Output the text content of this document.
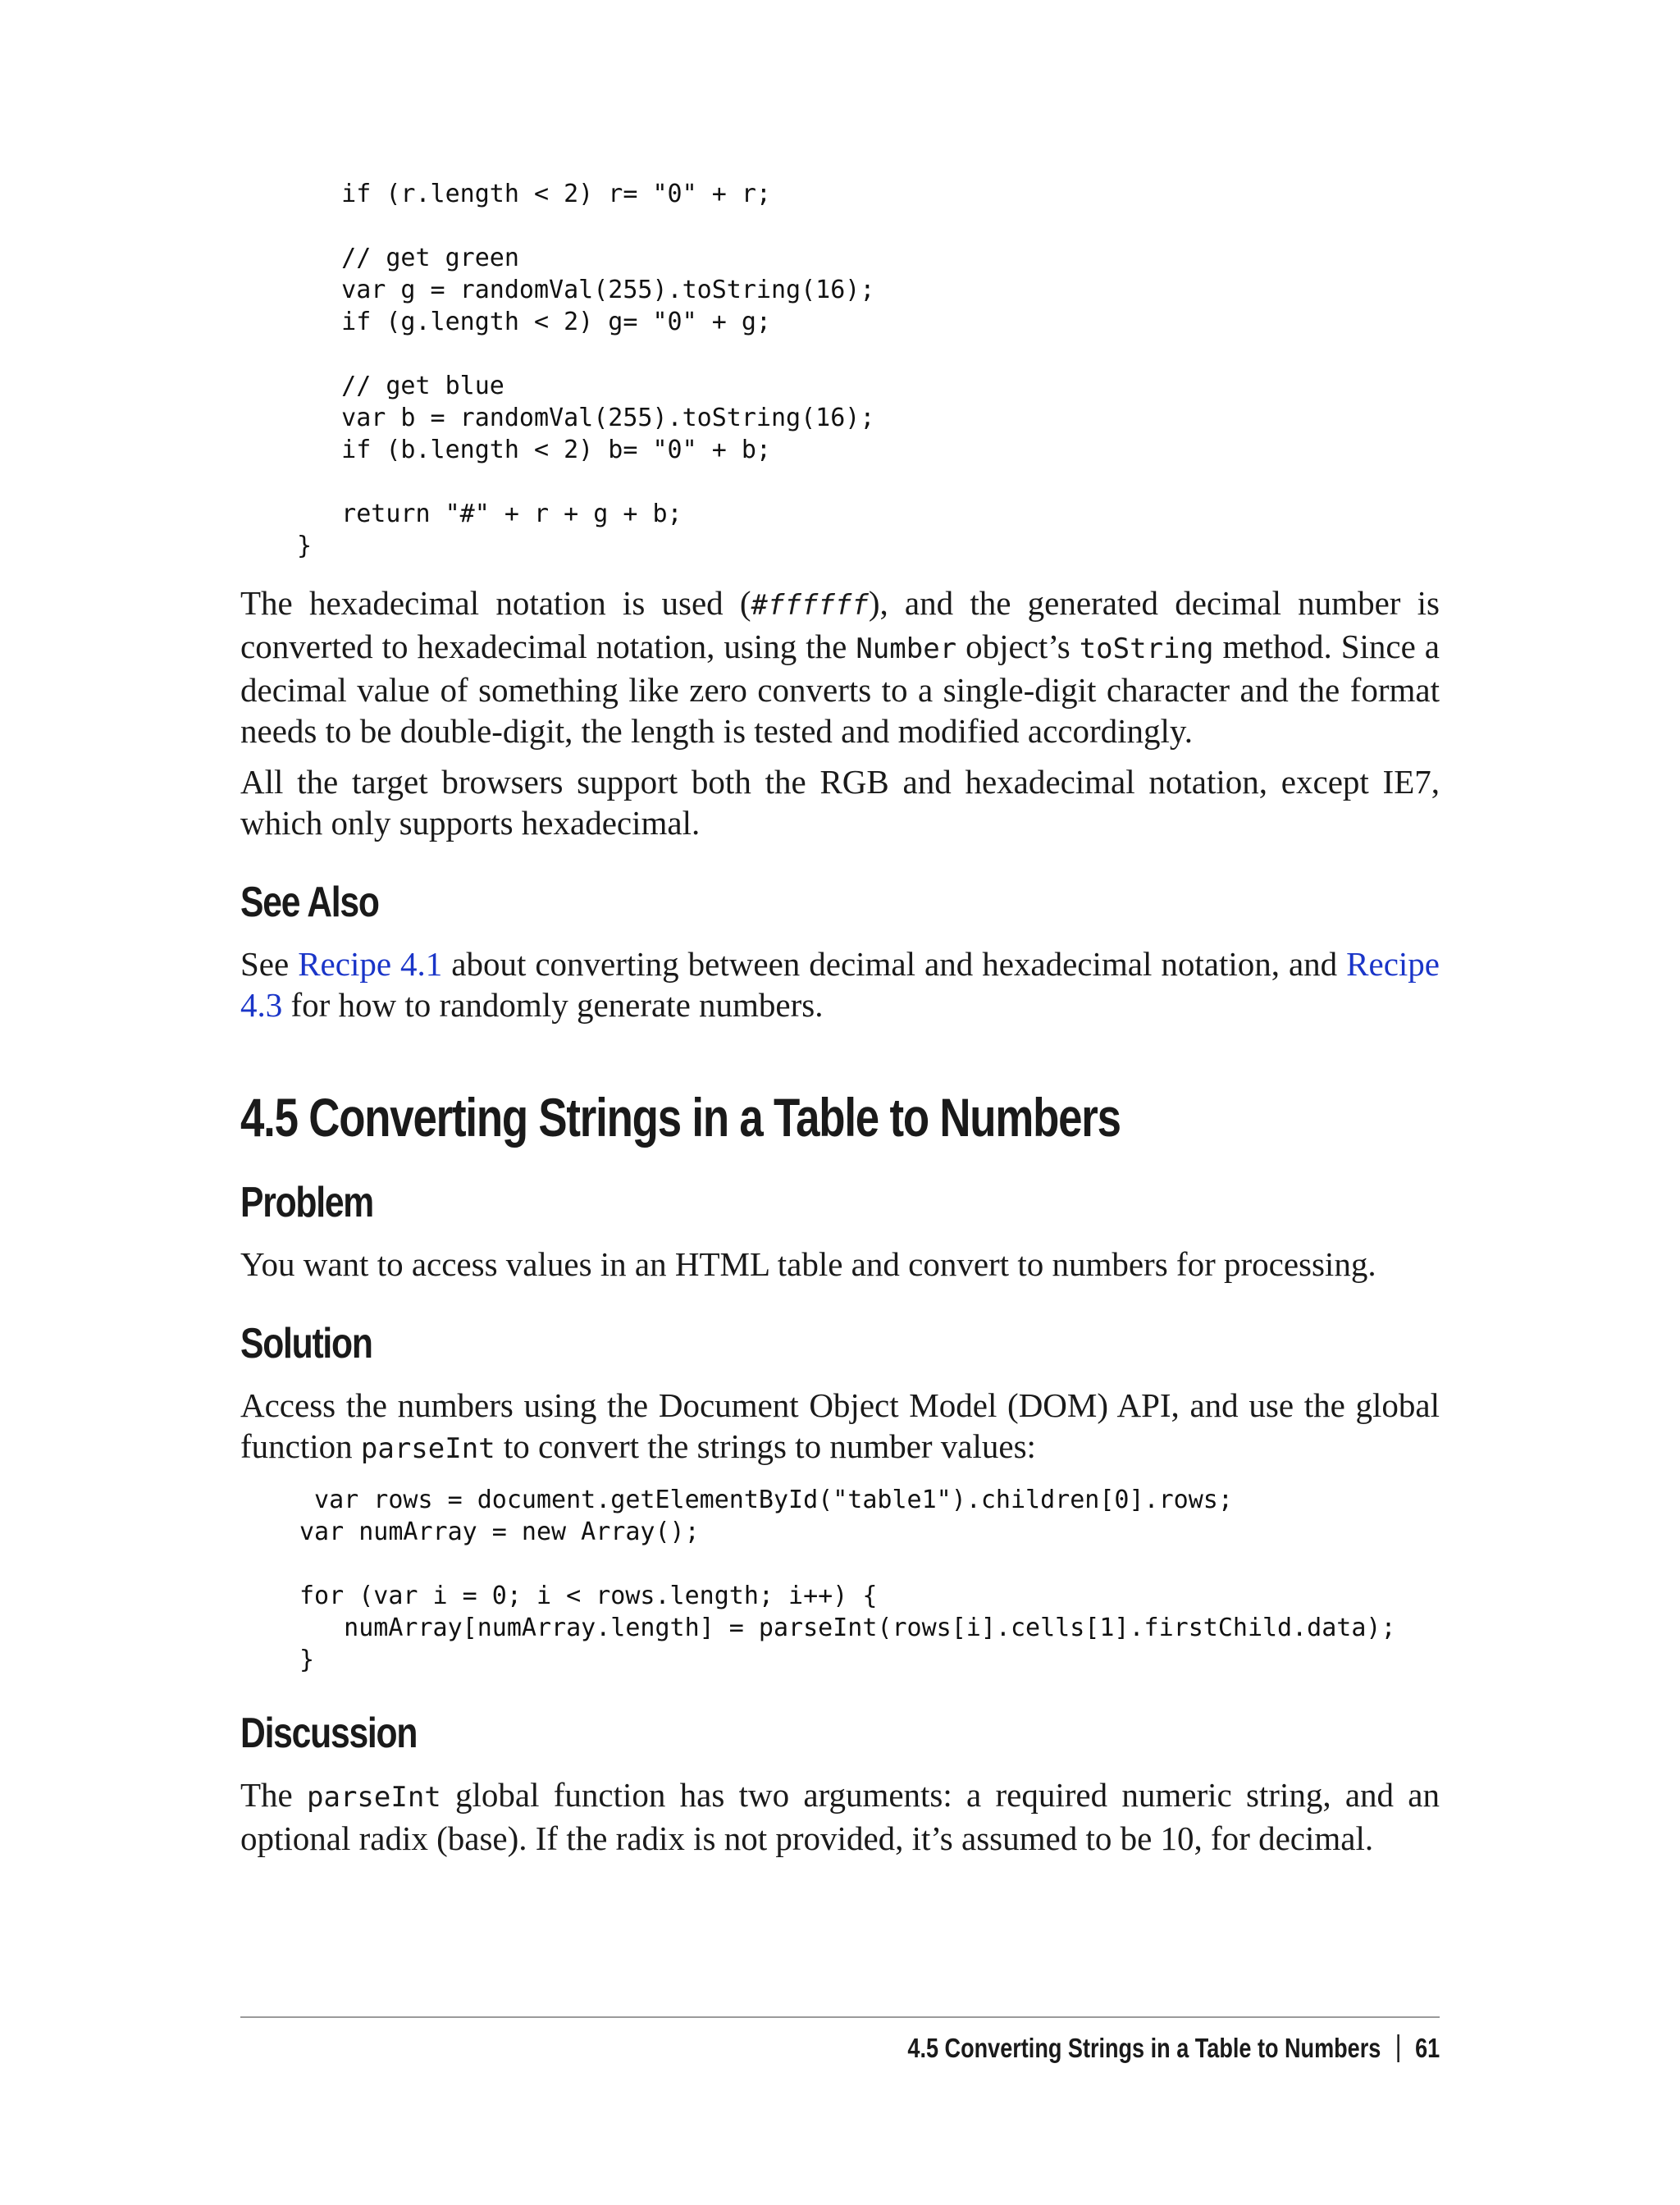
if (r.length < 2) r= "0" + r;

// get green
var g = randomVal(255).toString(16);
if (g.length < 2) g= "0" + g;

// get blue
var b = randomVal(255).toString(16);
if (b.length < 2) b= "0" + b;

return "#" + r + g + b;
}

The hexadecimal notation is used (#ffffff), and the generated decimal number is converted to hexadecimal notation, using the Number object’s toString method. Since a decimal value of something like zero converts to a single-digit character and the format needs to be double-digit, the length is tested and modified accordingly.

All the target browsers support both the RGB and hexadecimal notation, except IE7, which only supports hexadecimal.

See Also

See Recipe 4.1 about converting between decimal and hexadecimal notation, and Recipe 4.3 for how to randomly generate numbers.

4.5 Converting Strings in a Table to Numbers
Problem

You want to access values in an HTML table and convert to numbers for processing.

Solution

Access the numbers using the Document Object Model (DOM) API, and use the global function parseInt to convert the strings to number values:

var rows = document.getElementById("table1").children[0].rows;
var numArray = new Array();

for (var i = 0; i < rows.length; i++) {
numArray[numArray.length] = parseInt(rows[i].cells[1].firstChild.data);
}
Discussion

The parseInt global function has two arguments: a required numeric string, and an optional radix (base). If the radix is not provided, it’s assumed to be 10, for decimal.

4.5 Converting Strings in a Table to Numbers 61
